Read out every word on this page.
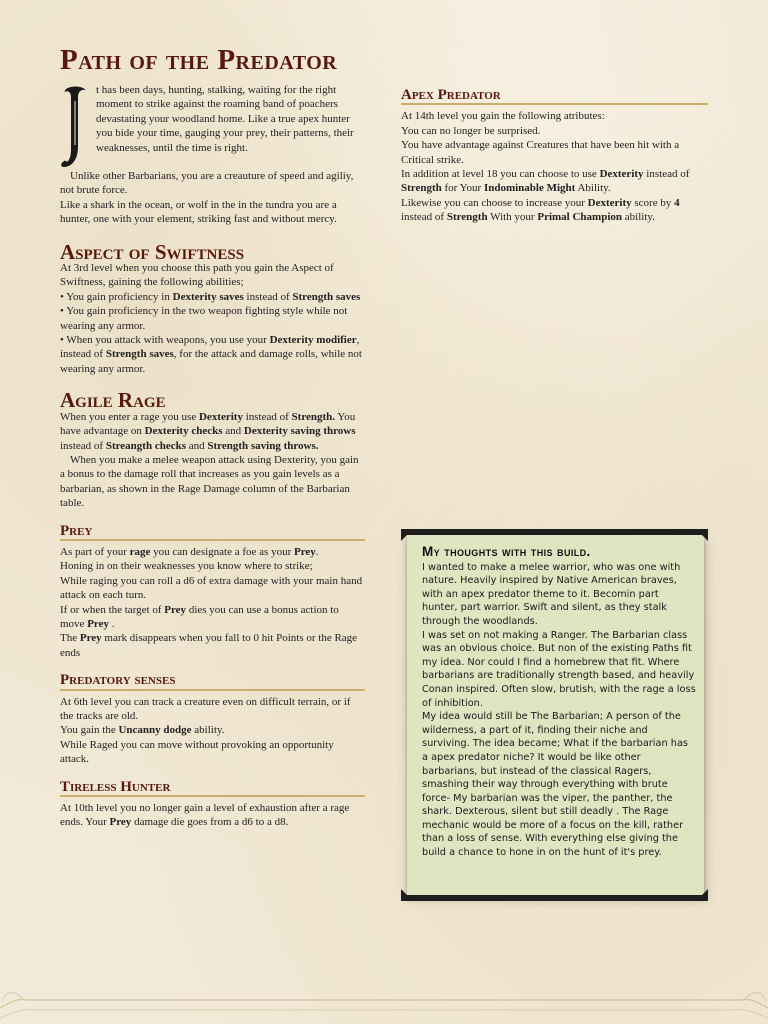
Path of the Predator

t has been days, hunting, stalking, waiting for the right moment to strike against the roaming band of poachers devastating your woodland home. Like a true apex hunter you bide your time, gauging your prey, their patterns, their weaknesses, until the time is right.

Unlike other Barbarians, you are a creauture of speed and agiliy, not brute force.

Like a shark in the ocean, or wolf in the in the tundra you are a hunter, one with your element, striking fast and without mercy.

Aspect of Swiftness

At 3rd level when you choose this path you gain the Aspect of Swiftness, gaining the following abilities;

• You gain proficiency in Dexterity saves instead of Strength saves

• You gain proficiency in the two weapon fighting style while not wearing any armor.

• When you attack with weapons, you use your Dexterity modifier, instead of Strength saves, for the attack and damage rolls, while not wearing any armor.

Agile Rage

When you enter a rage you use Dexterity instead of Strength. You have advantage on Dexterity checks and Dexterity saving throws instead of Streangth checks and Strength saving throws.

When you make a melee weapon attack using Dexterity, you gain a bonus to the damage roll that increases as you gain levels as a barbarian, as shown in the Rage Damage column of the Barbarian table.

Prey

As part of your rage you can designate a foe as your Prey.

Honing in on their weaknesses you know where to strike;

While raging you can roll a d6 of extra damage with your main hand attack on each turn.

If or when the target of Prey dies you can use a bonus action to move Prey .

The Prey mark disappears when you fall to 0 hit Points or the Rage ends

Predatory senses

At 6th level you can track a creature even on difficult terrain, or if the tracks are old.

You gain the Uncanny dodge ability.

While Raged you can move without provoking an opportunity attack.

Tireless Hunter

At 10th level you no longer gain a level of exhaustion after a rage ends. Your Prey damage die goes from a d6 to a d8.

Apex Predator

At 14th level you gain the following atributes:

You can no longer be surprised.

You have advantage against Creatures that have been hit with a Critical strike.

In addition at level 18 you can choose to use Dexterity instead of Strength for Your Indominable Might Ability.

Likewise you can choose to increase your Dexterity score by 4 instead of Strength With your Primal Champion ability.

My thoughts with this build.

I wanted to make a melee warrior, who was one with nature. Heavily inspired by Native American braves, with an apex predator theme to it. Becomin part hunter, part warrior. Swift and silent, as they stalk through the woodlands.

I was set on not making a Ranger. The Barbarian class was an obvious choice. But non of the existing Paths fit my idea. Nor could I find a homebrew that fit. Where barbarians are traditionally strength based, and heavily Conan inspired. Often slow, brutish, with the rage a loss of inhibition.

My idea would still be The Barbarian; A person of the wilderness, a part of it, finding their niche and surviving. The idea became; What if the barbarian has a apex predator niche? It would be like other barbarians, but instead of the classical Ragers, smashing their way through everything with brute force- My barbarian was the viper, the panther, the shark. Dexterous, silent but still deadly . The Rage mechanic would be more of a focus on the kill, rather than a loss of sense. With everything else giving the build a chance to hone in on the hunt of it's prey.
